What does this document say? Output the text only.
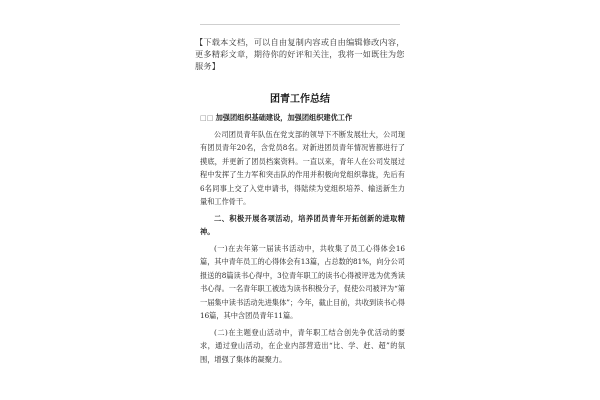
【下载本文档，可以自由复制内容或自由编辑修改内容，更多精彩文章，期待你的好评和关注，我将一如既往为您服务】
团青工作总结

□□ 加强团组织基础建设，加强团组织建优工作

公司团员青年队伍在党支部的领导下不断发展壮大，公司现有团员青年20名，含党员8名。对新进团员青年情况皆都进行了摸底，并更新了团员档案资料。一直以来，青年人在公司发展过程中发挥了生力军和突击队的作用并积极向党组织靠拢，先后有6名同事上交了入党申请书，得陆续为党组织培养、输送新生力量和工作骨干。

二、积极开展各项活动，培养团员青年开拓创新的进取精神。

(一)在去年第一届读书活动中，共收集了员工心得体会16篇，其中青年员工的心得体会有13篇，占总数的81%，向分公司报送的8篇读书心得中，3位青年职工的读书心得被评选为优秀读书心得。一名青年职工被选为读书积极分子，促使公司被评为“第一届集中读书活动先进集体”；今年，截止目前，共收到读书心得16篇，其中含团员青年11篇。

(二)在主题登山活动中，青年职工结合创先争优活动的要求，通过登山活动，在企业内部营造出“比、学、赶、超”的氛围，增强了集体的凝聚力。
